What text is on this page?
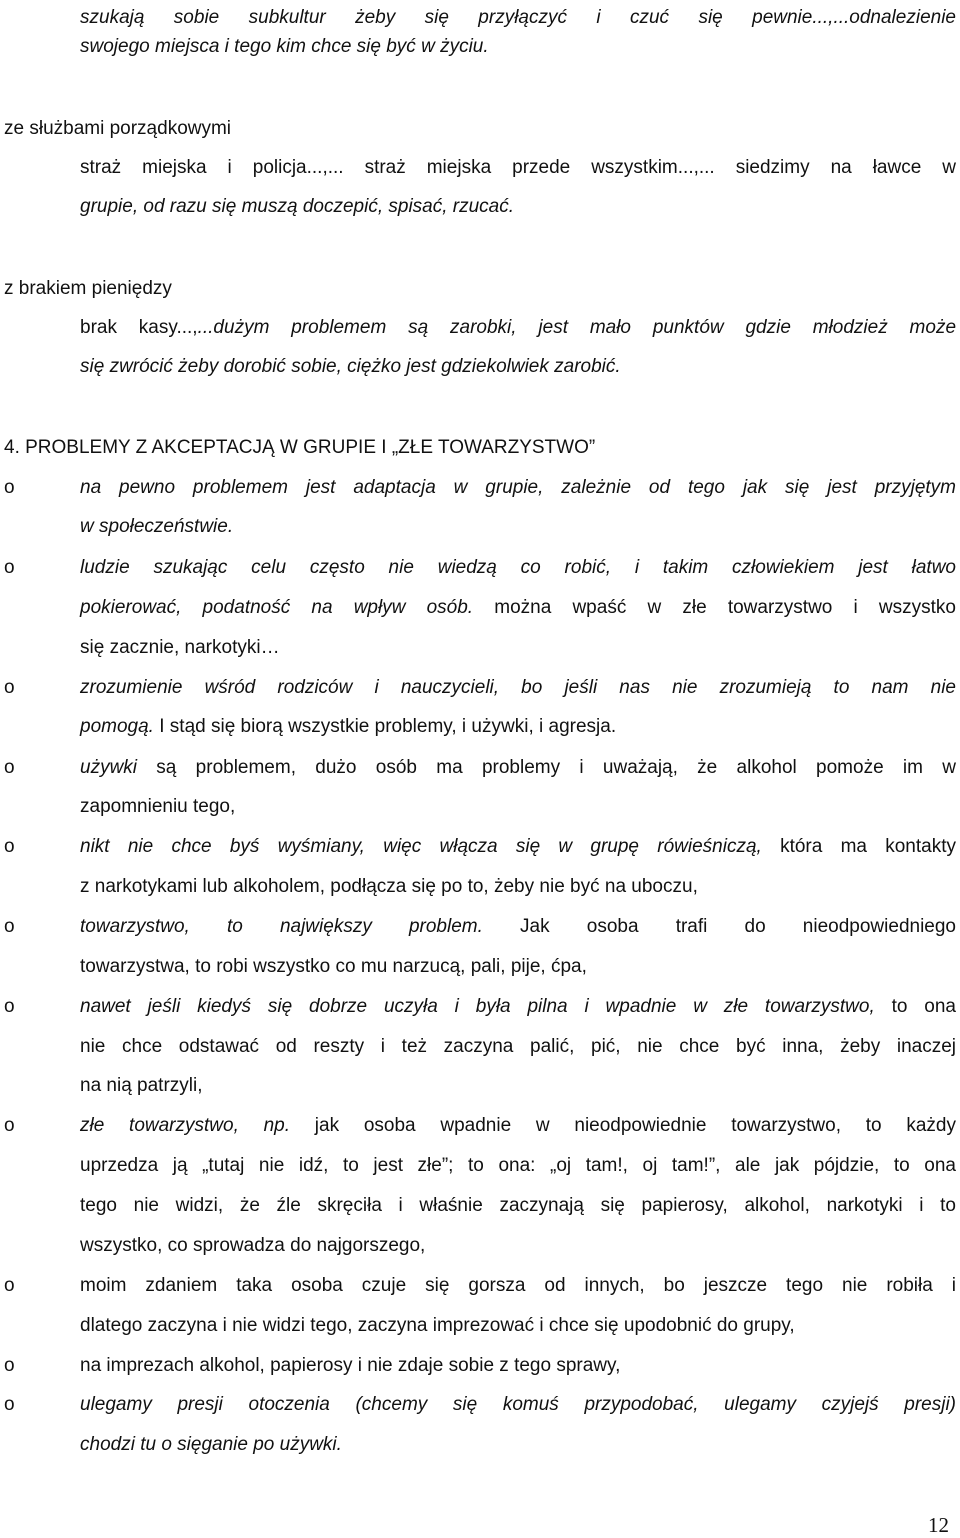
szukają sobie subkultur żeby się przyłączyć i czuć się pewnie...,...odnalezienie
swojego miejsca i tego kim chce się być w życiu.
ze służbami porządkowymi
straż miejska i policja...,... straż miejska przede wszystkim...,... siedzimy na ławce w
grupie, od razu się muszą doczepić, spisać, rzucać.
z brakiem pieniędzy
brak kasy...,...dużym problemem są zarobki, jest mało punktów gdzie młodzież może
się zwrócić żeby dorobić sobie, ciężko jest gdziekolwiek zarobić.
4. PROBLEMY Z AKCEPTACJĄ W GRUPIE I „ZŁE TOWARZYSTWO”
o	na pewno problemem jest adaptacja w grupie, zależnie od tego jak się jest przyjętym
w społeczeństwie.
o	ludzie szukając celu często nie wiedzą co robić, i takim człowiekiem jest łatwo
pokierować, podatność na wpływ osób. można wpaść w złe towarzystwo i wszystko
się zacznie, narkotyki…
o	zrozumienie wśród rodziców i nauczycieli, bo jeśli nas nie zrozumieją to nam nie
pomogą. I stąd się biorą wszystkie problemy, i używki, i agresja.
o	używki są problemem, dużo osób ma problemy i uważają, że alkohol pomoże im w
zapomnieniu tego,
o	nikt nie chce byś wyśmiany, więc włącza się w grupę rówieśniczą, która ma kontakty
z narkotykami lub alkoholem, podłącza się po to, żeby nie być na uboczu,
o	towarzystwo, to największy problem. Jak osoba trafi do nieodpowiedniego
towarzystwa, to robi wszystko co mu narzucą, pali, pije, ćpa,
o	nawet jeśli kiedyś się dobrze uczyła i była pilna i wpadnie w złe towarzystwo, to ona
nie chce odstawać od reszty i też zaczyna palić, pić, nie chce być inna, żeby inaczej
na nią patrzyli,
o	złe towarzystwo, np. jak osoba wpadnie w nieodpowiednie towarzystwo, to każdy
uprzedza ją „tutaj nie idź, to jest złe”; to ona: „oj tam!, oj tam!”, ale jak pójdzie, to ona
tego nie widzi, że źle skręciła i właśnie zaczynają się papierosy, alkohol, narkotyki i to
wszystko, co sprowadza do najgorszego,
o	moim zdaniem taka osoba czuje się gorsza od innych, bo jeszcze tego nie robiła i
dlatego zaczyna i nie widzi tego, zaczyna imprezować i chce się upodobnić do grupy,
o	na imprezach alkohol, papierosy i nie zdaje sobie z tego sprawy,
o	ulegamy presji otoczenia (chcemy się komuś przypodobać, ulegamy czyjejś presji)
chodzi tu o sięganie po używki.
12
